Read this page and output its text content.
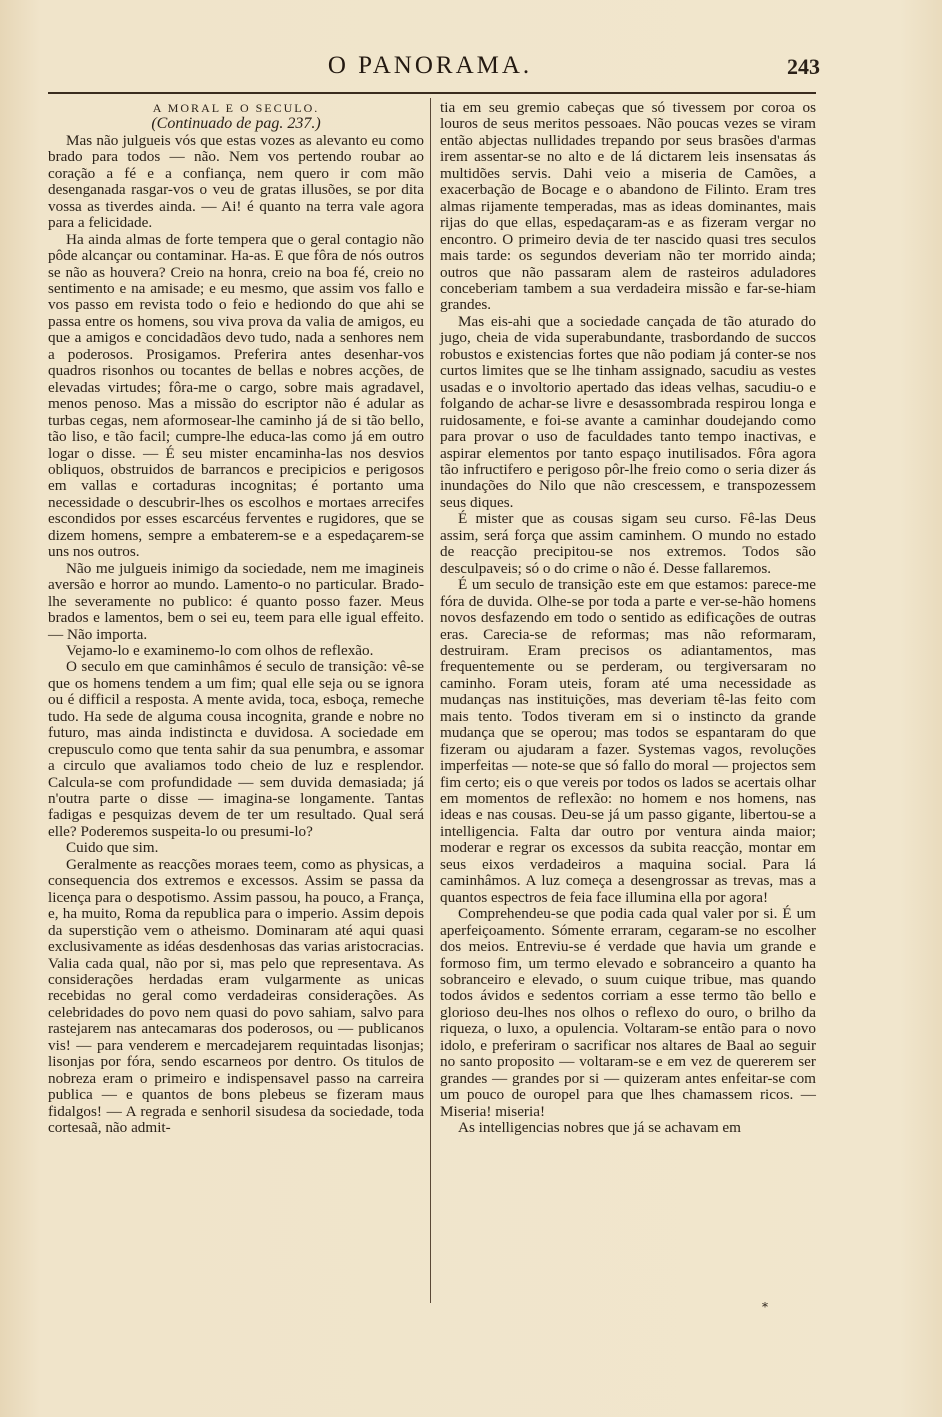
O PANORAMA.	243

A MORAL E O SECULO.

(Continuado de pag. 237.)

Mas não julgueis vós que estas vozes as alevanto eu como brado para todos — não. Nem vos pertendo roubar ao coração a fé e a confiança, nem quero ir com mão desenganada rasgar-vos o veu de gratas illusões, se por dita vossa as tiverdes ainda. — Ai! é quanto na terra vale agora para a felicidade.

Ha ainda almas de forte tempera que o geral contagio não pôde alcançar ou contaminar. Ha-as. E que fôra de nós outros se não as houvera? Creio na honra, creio na boa fé, creio no sentimento e na amisade; e eu mesmo, que assim vos fallo e vos passo em revista todo o feio e hediondo do que ahi se passa entre os homens, sou viva prova da valia de amigos, eu que a amigos e concidadãos devo tudo, nada a senhores nem a poderosos. Prosigamos. Preferira antes desenhar-vos quadros risonhos ou tocantes de bellas e nobres acções, de elevadas virtudes; fôra-me o cargo, sobre mais agradavel, menos penoso. Mas a missão do escriptor não é adular as turbas cegas, nem aformosear-lhe caminho já de si tão bello, tão liso, e tão facil; cumpre-lhe educa-las como já em outro logar o disse. — É seu mister encaminha-las nos desvios obliquos, obstruidos de barrancos e precipicios e perigosos em vallas e cortaduras incognitas; é portanto uma necessidade o descubrir-lhes os escolhos e mortaes arrecifes escondidos por esses escarcéus ferventes e rugidores, que se dizem homens, sempre a embaterem-se e a espedaçarem-se uns nos outros.

Não me julgueis inimigo da sociedade, nem me imagineis aversão e horror ao mundo. Lamento-o no particular. Brado-lhe severamente no publico: é quanto posso fazer. Meus brados e lamentos, bem o sei eu, teem para elle igual effeito. — Não importa.

Vejamo-lo e examinemo-lo com olhos de reflexão.

O seculo em que caminhâmos é seculo de transição: vê-se que os homens tendem a um fim; qual elle seja ou se ignora ou é difficil a resposta. A mente avida, toca, esboça, remeche tudo. Ha sede de alguma cousa incognita, grande e nobre no futuro, mas ainda indistincta e duvidosa. A sociedade em crepusculo como que tenta sahir da sua penumbra, e assomar a circulo que avaliamos todo cheio de luz e resplendor. Calcula-se com profundidade — sem duvida demasiada; já n'outra parte o disse — imagina-se longamente. Tantas fadigas e pesquizas devem de ter um resultado. Qual será elle? Poderemos suspeita-lo ou presumi-lo?

Cuido que sim.

Geralmente as reacções moraes teem, como as physicas, a consequencia dos extremos e excessos. Assim se passa da licença para o despotismo. Assim passou, ha pouco, a França, e, ha muito, Roma da republica para o imperio. Assim depois da superstição vem o atheismo. Dominaram até aqui quasi exclusivamente as idéas desdenhosas das varias aristocracias. Valia cada qual, não por si, mas pelo que representava. As considerações herdadas eram vulgarmente as unicas recebidas no geral como verdadeiras considerações. As celebridades do povo nem quasi do povo sahiam, salvo para rastejarem nas antecamaras dos poderosos, ou — publicanos vis! — para venderem e mercadejarem requintadas lisonjas; lisonjas por fóra, sendo escarneos por dentro. Os titulos de nobreza eram o primeiro e indispensavel passo na carreira publica — e quantos de bons plebeus se fizeram maus fidalgos! — A regrada e senhoril sisudesa da sociedade, toda cortesaã, não admit-

tia em seu gremio cabeças que só tivessem por coroa os louros de seus meritos pessoaes. Não poucas vezes se viram então abjectas nullidades trepando por seus brasões d'armas irem assentar-se no alto e de lá dictarem leis insensatas ás multidões servis. Dahi veio a miseria de Camões, a exacerbação de Bocage e o abandono de Filinto. Eram tres almas rijamente temperadas, mas as ideas dominantes, mais rijas do que ellas, espedaçaram-as e as fizeram vergar no encontro. O primeiro devia de ter nascido quasi tres seculos mais tarde: os segundos deveriam não ter morrido ainda; outros que não passaram alem de rasteiros aduladores conceberiam tambem a sua verdadeira missão e far-se-hiam grandes.

Mas eis-ahi que a sociedade cançada de tão aturado do jugo, cheia de vida superabundante, trasbordando de succos robustos e existencias fortes que não podiam já conter-se nos curtos limites que se lhe tinham assignado, sacudiu as vestes usadas e o involtorio apertado das ideas velhas, sacudiu-o e folgando de achar-se livre e desassombrada respirou longa e ruidosamente, e foi-se avante a caminhar doudejando como para provar o uso de faculdades tanto tempo inactivas, e aspirar elementos por tanto espaço inutilisados. Fôra agora tão infructifero e perigoso pôr-lhe freio como o seria dizer ás inundações do Nilo que não crescessem, e transpozessem seus diques.

É mister que as cousas sigam seu curso. Fê-las Deus assim, será força que assim caminhem. O mundo no estado de reacção precipitou-se nos extremos. Todos são desculpaveis; só o do crime o não é. Desse fallaremos.

É um seculo de transição este em que estamos: parece-me fóra de duvida. Olhe-se por toda a parte e ver-se-hão homens novos desfazendo em todo o sentido as edificações de outras eras. Carecia-se de reformas; mas não reformaram, destruiram. Eram precisos os adiantamentos, mas frequentemente ou se perderam, ou tergiversaram no caminho. Foram uteis, foram até uma necessidade as mudanças nas instituições, mas deveriam tê-las feito com mais tento. Todos tiveram em si o instincto da grande mudança que se operou; mas todos se espantaram do que fizeram ou ajudaram a fazer. Systemas vagos, revoluções imperfeitas — note-se que só fallo do moral — projectos sem fim certo; eis o que vereis por todos os lados se acertais olhar em momentos de reflexão: no homem e nos homens, nas ideas e nas cousas. Deu-se já um passo gigante, libertou-se a intelligencia. Falta dar outro por ventura ainda maior; moderar e regrar os excessos da subita reacção, montar em seus eixos verdadeiros a maquina social. Para lá caminhâmos. A luz começa a desengrossar as trevas, mas a quantos espectros de feia face illumina ella por agora!

Comprehendeu-se que podia cada qual valer por si. É um aperfeiçoamento. Sómente erraram, cegaram-se no escolher dos meios. Entreviu-se é verdade que havia um grande e formoso fim, um termo elevado e sobranceiro a quanto ha sobranceiro e elevado, o suum cuique tribue, mas quando todos ávidos e sedentos corriam a esse termo tão bello e glorioso deu-lhes nos olhos o reflexo do ouro, o brilho da riqueza, o luxo, a opulencia. Voltaram-se então para o novo idolo, e preferiram o sacrificar nos altares de Baal ao seguir no santo proposito — voltaram-se e em vez de quererem ser grandes — grandes por si — quizeram antes enfeitar-se com um pouco de ouropel para que lhes chamassem ricos. — Miseria! miseria!

As intelligencias nobres que já se achavam em

*
